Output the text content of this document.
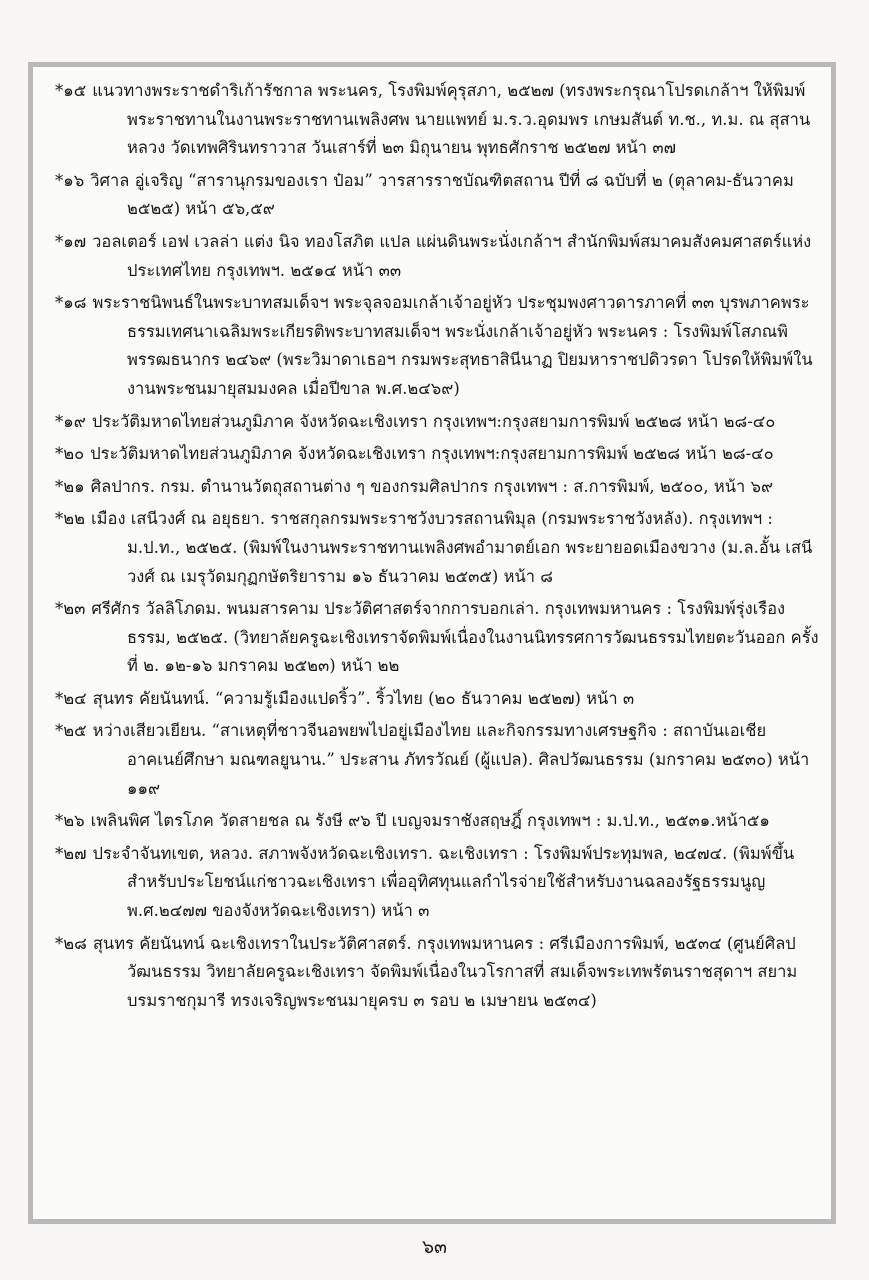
*๑๕ แนวทางพระราชดำริเก้ารัชกาล พระนคร, โรงพิมพ์คุรุสภา, ๒๕๒๗ (ทรงพระกรุณาโปรดเกล้าฯ ให้พิมพ์พระราชทานในงานพระราชทานเพลิงศพ นายแพทย์ ม.ร.ว.อุดมพร เกษมสันต์ ท.ช., ท.ม. ณ สุสานหลวง วัดเทพศิรินทราวาส วันเสาร์ที่ ๒๓ มิถุนายน พุทธศักราช ๒๕๒๗ หน้า ๓๗
*๑๖ วิศาล อู่เจริญ “สารานุกรมของเรา ป๋อม” วารสารราชบัณฑิตสถาน ปีที่ ๘ ฉบับที่ ๒ (ตุลาคม-ธันวาคม ๒๕๒๕) หน้า ๕๖,๕๙
*๑๗ วอลเตอร์ เอฟ เวลล่า แต่ง นิจ ทองโสภิต แปล แผ่นดินพระนั่งเกล้าฯ สำนักพิมพ์สมาคมสังคมศาสตร์แห่งประเทศไทย กรุงเทพฯ. ๒๕๑๔ หน้า ๓๓
*๑๘ พระราชนิพนธ์ในพระบาทสมเด็จฯ พระจุลจอมเกล้าเจ้าอยู่หัว ประชุมพงศาวดารภาคที่ ๓๓ บุรพภาคพระธรรมเทศนาเฉลิมพระเกียรติพระบาทสมเด็จฯ พระนั่งเกล้าเจ้าอยู่หัว พระนคร : โรงพิมพ์โสภณพิพรรฒธนากร ๒๔๖๙ (พระวิมาดาเธอฯ กรมพระสุทธาสินีนาฏ ปิยมหาราชปดิวรดา โปรดให้พิมพ์ในงานพระชนมายุสมมงคล เมื่อปีขาล พ.ศ.๒๔๖๙)
*๑๙ ประวัติมหาดไทยส่วนภูมิภาค จังหวัดฉะเชิงเทรา กรุงเทพฯ:กรุงสยามการพิมพ์ ๒๕๒๘ หน้า ๒๘-๔๐
*๒๐ ประวัติมหาดไทยส่วนภูมิภาค จังหวัดฉะเชิงเทรา กรุงเทพฯ:กรุงสยามการพิมพ์ ๒๕๒๘ หน้า ๒๘-๔๐
*๒๑ ศิลปากร. กรม. ตำนานวัตถุสถานต่าง ๆ ของกรมศิลปากร กรุงเทพฯ : ส.การพิมพ์, ๒๕๐๐, หน้า ๖๙
*๒๒ เมือง เสนีวงศ์ ณ อยุธยา. ราชสกุลกรมพระราชวังบวรสถานพิมุล (กรมพระราชวังหลัง). กรุงเทพฯ : ม.ป.ท., ๒๕๒๕. (พิมพ์ในงานพระราชทานเพลิงศพอำมาตย์เอก พระยายอดเมืองขวาง (ม.ล.อั้น เสนีวงศ์ ณ เมรุวัดมกุฏกษัตริยาราม ๑๖ ธันวาคม ๒๕๓๕) หน้า ๘
*๒๓ ศรีศักร วัลลิโภดม. พนมสารคาม ประวัติศาสตร์จากการบอกเล่า. กรุงเทพมหานคร : โรงพิมพ์รุ่งเรืองธรรม, ๒๕๒๕. (วิทยาลัยครูฉะเชิงเทราจัดพิมพ์เนื่องในงานนิทรรศการวัฒนธรรมไทยตะวันออก ครั้งที่ ๒. ๑๒-๑๖ มกราคม ๒๕๒๓) หน้า ๒๒
*๒๔ สุนทร คัยนันทน์. “ความรู้เมืองแปดริ้ว”. ริ้วไทย (๒๐ ธันวาคม ๒๕๒๗) หน้า ๓
*๒๕ หว่างเสียวเยียน. “สาเหตุที่ชาวจีนอพยพไปอยู่เมืองไทย และกิจกรรมทางเศรษฐกิจ : สถาบันเอเชียอาคเนย์ศึกษา มณฑลยูนาน.” ประสาน ภัทรวัณย์ (ผู้แปล). ศิลปวัฒนธรรม (มกราคม ๒๕๓๐) หน้า ๑๑๙
*๒๖ เพลินพิศ ไตรโภค วัดสายชล ณ รังษี ๙๖ ปี เบญจมราชังสฤษฎิ์ กรุงเทพฯ : ม.ป.ท., ๒๕๓๑.หน้า๕๑
*๒๗ ประจำจันทเขต, หลวง. สภาพจังหวัดฉะเชิงเทรา. ฉะเชิงเทรา : โรงพิมพ์ประทุมพล, ๒๔๗๔. (พิมพ์ขึ้นสำหรับประโยชน์แก่ชาวฉะเชิงเทรา เพื่ออุทิศทุนแลกำไรจ่ายใช้สำหรับงานฉลองรัฐธรรมนูญ พ.ศ.๒๔๗๗ ของจังหวัดฉะเชิงเทรา) หน้า ๓
*๒๘ สุนทร คัยนันทน์ ฉะเชิงเทราในประวัติศาสตร์. กรุงเทพมหานคร : ศรีเมืองการพิมพ์, ๒๕๓๔ (ศูนย์ศิลปวัฒนธรรม วิทยาลัยครูฉะเชิงเทรา จัดพิมพ์เนื่องในวโรกาสที่ สมเด็จพระเทพรัตนราชสุดาฯ สยามบรมราชกุมารี ทรงเจริญพระชนมายุครบ ๓ รอบ ๒ เมษายน ๒๕๓๔)
๖๓
